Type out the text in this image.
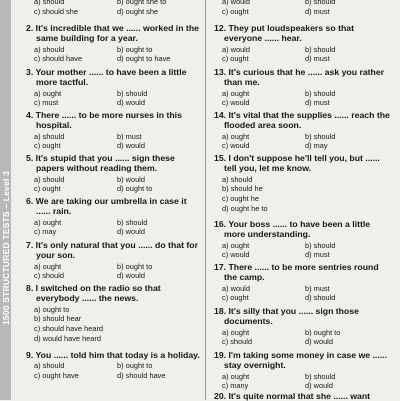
1500 STRUCTURED TESTS – Level 3
a) should	b) ought she to
c) should she	d) ought she

2. It's incredible that we ...... worked in the same building for a year.

a) should	b) ought to
c) should have	d) ought to have

3. Your mother ...... to have been a little more tactful.

a) ought	b) should
c) must	d) would

4. There ...... to be more nurses in this hospital.

a) should	b) must
c) ought	d) would

5. It's stupid that you ...... sign these papers without reading them.

a) should	b) would
c) ought	d) ought to

6. We are taking our umbrella in case it ...... rain.

a) ought	b) should
c) may	d) would

7. It's only natural that you ...... do that for your son.

a) ought	b) ought to
c) should	d) would

8. I switched on the radio so that everybody ...... the news.

a) ought to
b) should hear
c) should have heard
d) would have heard

9. You ...... told him that today is a holiday.

a) should	b) ought to
c) ought have	d) should have
a) would	b) should
c) ought	d) must

12. They put loudspeakers so that everyone ...... hear.

a) would	b) should
c) ought	d) must

13. It's curious that he ...... ask you rather than me.

a) ought	b) should
c) would	d) must

14. It's vital that the supplies ...... reach the flooded area soon.

a) ought	b) should
c) would	d) may

15. I don't suppose he'll tell you, but ...... tell you, let me know.

a) should
b) should he
c) ought he
d) ought he to

16. Your boss ...... to have been a little more understanding.

a) ought	b) should
c) would	d) must

17. There ...... to be more sentries round the camp.

a) would	b) must
c) ought	d) should

18. It's silly that you ...... sign those documents.

a) ought	b) ought to
c) should	d) would

19. I'm taking some money in case we ...... stay overnight.

a) ought	b) should
c) many	d) would

20. It's quite normal that she ...... want
